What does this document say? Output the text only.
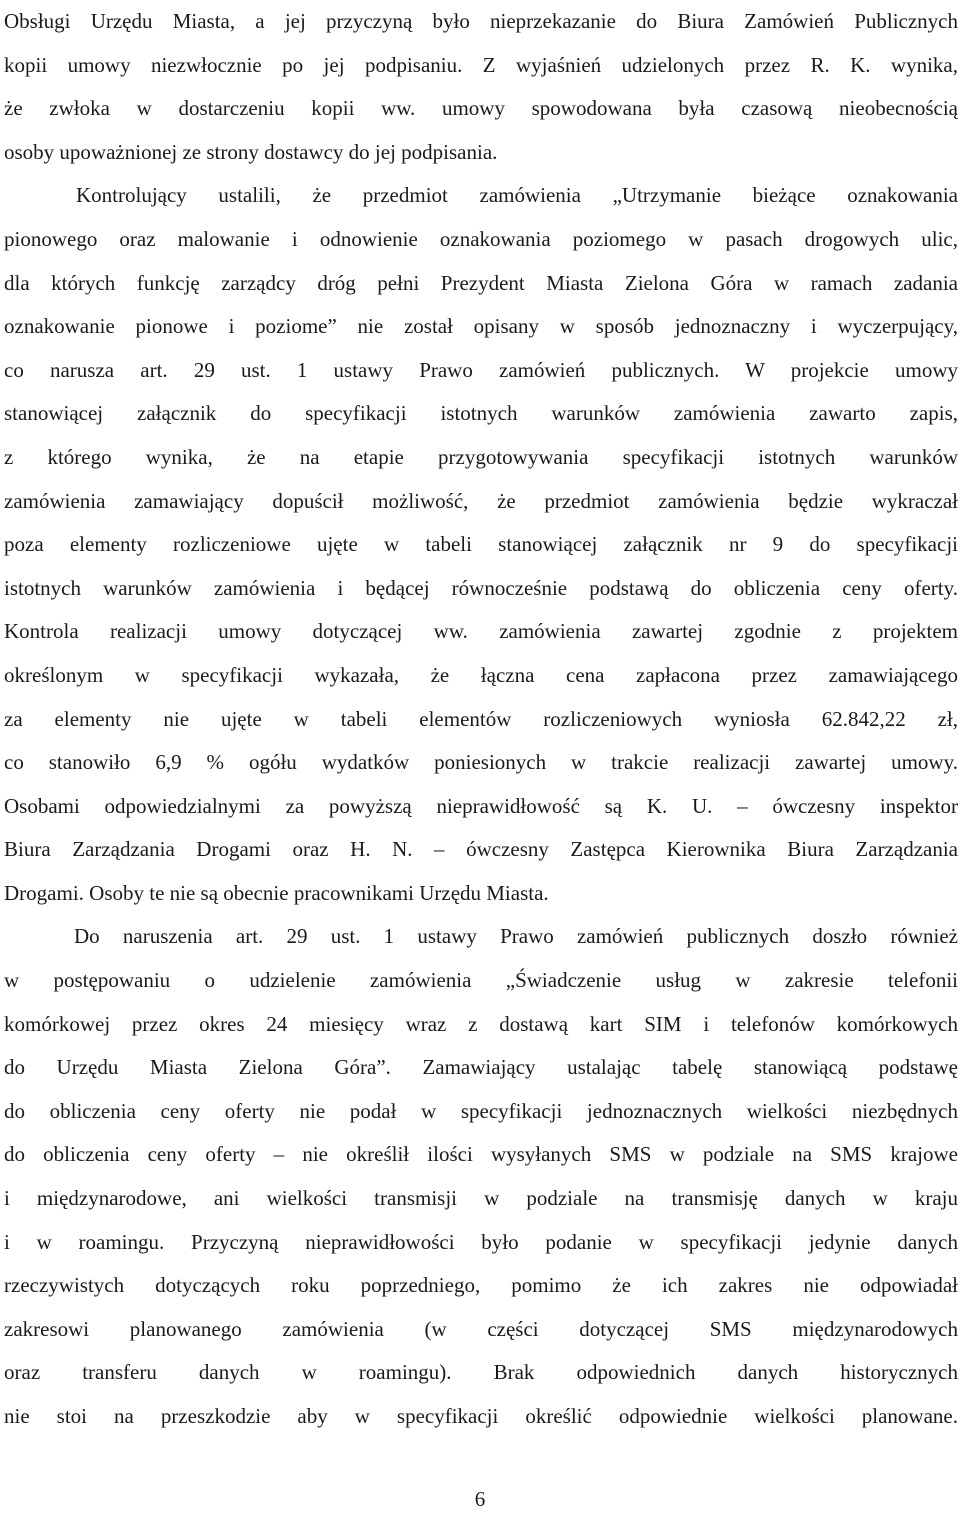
Obsługi Urzędu Miasta, a jej przyczyną było nieprzekazanie do Biura Zamówień Publicznych
kopii umowy niezwłocznie po jej podpisaniu. Z wyjaśnień udzielonych przez R. K. wynika,
że zwłoka w dostarczeniu kopii ww. umowy spowodowana była czasową nieobecnością
osoby upoważnionej ze strony dostawcy do jej podpisania.
Kontrolujący ustalili, że przedmiot zamówienia „Utrzymanie bieżące oznakowania
pionowego oraz malowanie i odnowienie oznakowania poziomego w pasach drogowych ulic,
dla których funkcję zarządcy dróg pełni Prezydent Miasta Zielona Góra w ramach zadania
oznakowanie pionowe i poziome” nie został opisany w sposób jednoznaczny i wyczerpujący,
co narusza art. 29 ust. 1 ustawy Prawo zamówień publicznych. W projekcie umowy
stanowiącej załącznik do specyfikacji istotnych warunków zamówienia zawarto zapis,
z którego wynika, że na etapie przygotowywania specyfikacji istotnych warunków
zamówienia zamawiający dopuścił możliwość, że przedmiot zamówienia będzie wykraczał
poza elementy rozliczeniowe ujęte w tabeli stanowiącej załącznik nr 9 do specyfikacji
istotnych warunków zamówienia i będącej równocześnie podstawą do obliczenia ceny oferty.
Kontrola realizacji umowy dotyczącej ww. zamówienia zawartej zgodnie z projektem
określonym w specyfikacji wykazała, że łączna cena zapłacona przez zamawiającego
za elementy nie ujęte w tabeli elementów rozliczeniowych wyniosła 62.842,22 zł,
co stanowiło 6,9 % ogółu wydatków poniesionych w trakcie realizacji zawartej umowy.
Osobami odpowiedzialnymi za powyższą nieprawidłowość są K. U. – ówczesny inspektor
Biura Zarządzania Drogami oraz H. N. – ówczesny Zastępca Kierownika Biura Zarządzania
Drogami. Osoby te nie są obecnie pracownikami Urzędu Miasta.
Do naruszenia art. 29 ust. 1 ustawy Prawo zamówień publicznych doszło również
w postępowaniu o udzielenie zamówienia „Świadczenie usług w zakresie telefonii
komórkowej przez okres 24 miesięcy wraz z dostawą kart SIM i telefonów komórkowych
do Urzędu Miasta Zielona Góra”. Zamawiający ustalając tabelę stanowiącą podstawę
do obliczenia ceny oferty nie podał w specyfikacji jednoznacznych wielkości niezbędnych
do obliczenia ceny oferty – nie określił ilości wysyłanych SMS w podziale na SMS krajowe
i międzynarodowe, ani wielkości transmisji w podziale na transmisję danych w kraju
i w roamingu. Przyczyną nieprawidłowości było podanie w specyfikacji jedynie danych
rzeczywistych dotyczących roku poprzedniego, pomimo że ich zakres nie odpowiadał
zakresowi planowanego zamówienia (w części dotyczącej SMS międzynarodowych
oraz transferu danych w roamingu). Brak odpowiednich danych historycznych
nie stoi na przeszkodzie aby w specyfikacji określić odpowiednie wielkości planowane.
6
